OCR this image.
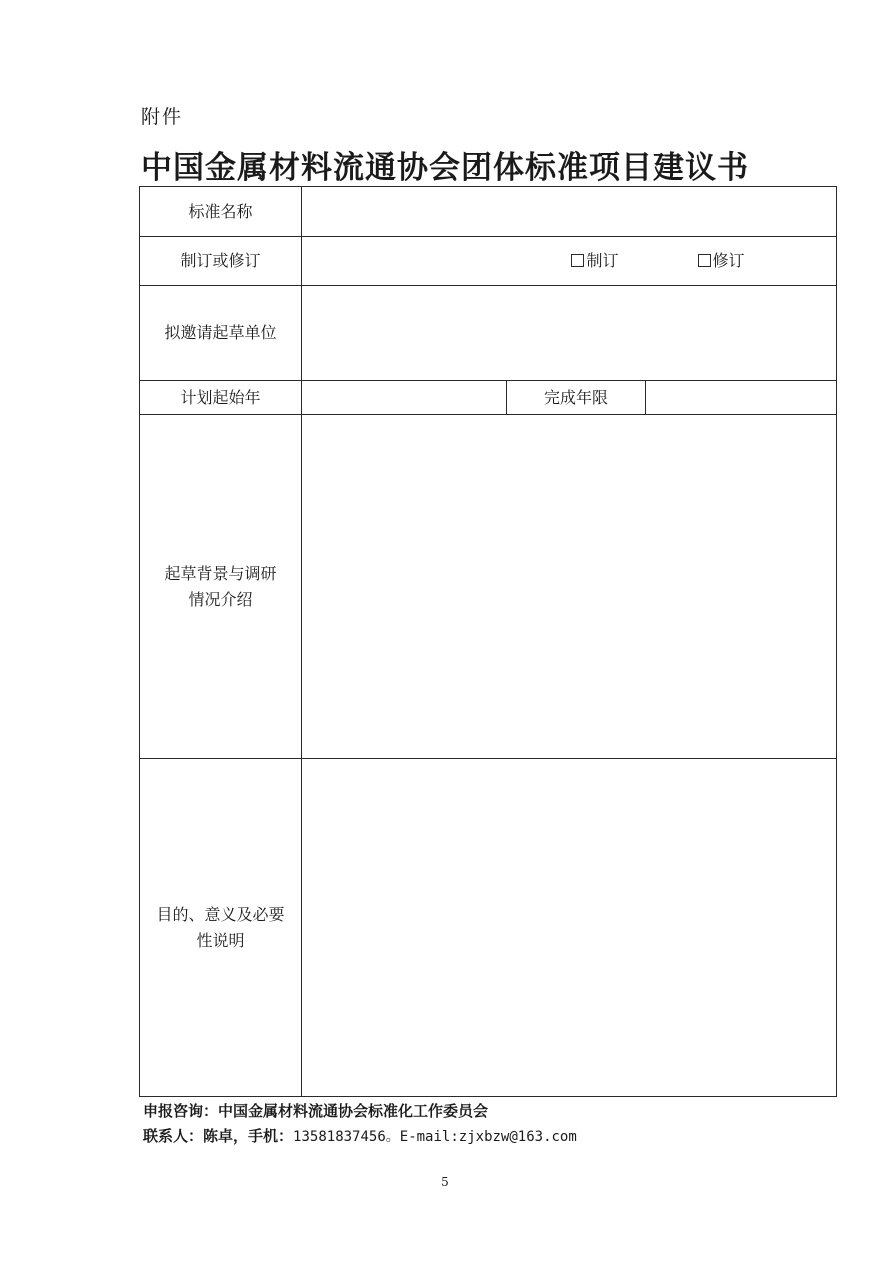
附件
中国金属材料流通协会团体标准项目建议书
标准名称			
制订或修订	制订 修订		
拟邀请起草单位			
计划起始年		完成年限	

起草背景与调研
情况介绍			

目的、意义及必要
性说明			

申报咨询：中国金属材料流通协会标准化工作委员会
联系人：陈卓，手机：13581837456。E-mail:zjxbzw@163.com
5
